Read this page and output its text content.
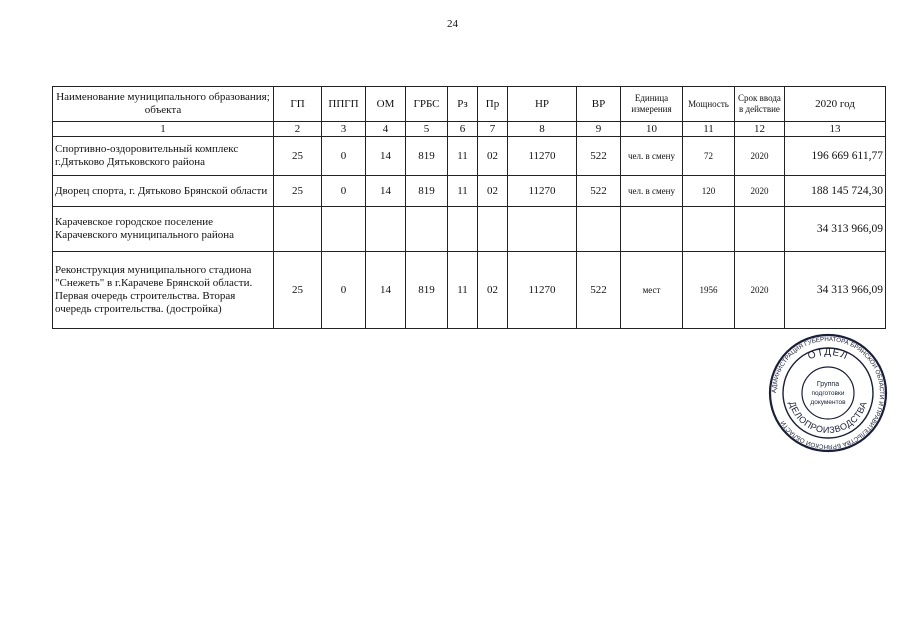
24
Наименование муниципального образования; объекта	ГП	ППГП	ОМ	ГРБС	Рз	Пр	НР	ВР	Единица измерения	Мощность	Срок ввода в действие	2020 год
1	2	3	4	5	6	7	8	9	10	11	12	13
Спортивно-оздоровительный комплекс г.Дятьково Дятьковского района	25	0	14	819	11	02	11270	522	чел. в смену	72	2020	196 669 611,77
Дворец спорта, г. Дятьково Брянской области	25	0	14	819	11	02	11270	522	чел. в смену	120	2020	188 145 724,30
Карачевское городское поселение Карачевского муниципального района												34 313 966,09
Реконструкция муниципального стадиона "Снежеть" в г.Карачеве Брянской области. Первая очередь строительства. Вторая очередь строительства. (достройка)	25	0	14	819	11	02	11270	522	мест	1956	2020	34 313 966,09
АДМИНИСТРАЦИЯ ГУБЕРНАТОРА БРЯНСКОЙ ОБЛАСТИ И ПРАВИТЕЛЬСТВА БРЯНСКОЙ ОБЛАСТИ
ОТДЕЛ
ДЕЛОПРОИЗВОДСТВА
Группа
подготовки
документов
